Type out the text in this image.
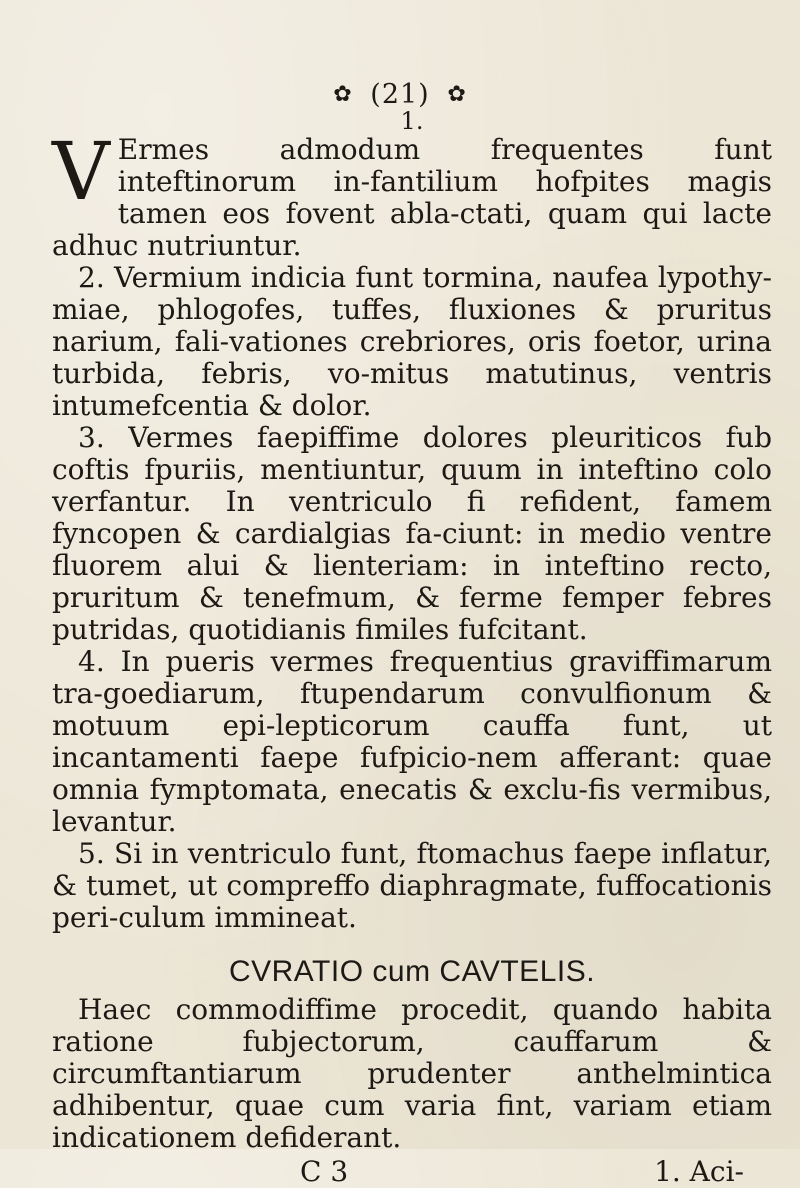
✿ (21) ✿

1.

V Ermes admodum frequentes funt inteftinorum in-fantilium hofpites magis tamen eos fovent abla-ctati, quam qui lacte adhuc nutriuntur.

2. Vermium indicia funt tormina, naufea lypothy-miae, phlogofes, tuffes, fluxiones & pruritus narium, fali-vationes crebriores, oris foetor, urina turbida, febris, vo-mitus matutinus, ventris intumefcentia & dolor.

3. Vermes faepiffime dolores pleuriticos fub coftis fpuriis, mentiuntur, quum in inteftino colo verfantur. In ventriculo fi refident, famem fyncopen & cardialgias fa-ciunt: in medio ventre fluorem alui & lienteriam: in inteftino recto, pruritum & tenefmum, & ferme femper febres putridas, quotidianis fimiles fufcitant.

4. In pueris vermes frequentius graviffimarum tra-goediarum, ftupendarum convulfionum & motuum epi-lepticorum cauffa funt, ut incantamenti faepe fufpicio-nem afferant: quae omnia fymptomata, enecatis & exclu-fis vermibus, levantur.

5. Si in ventriculo funt, ftomachus faepe inflatur, & tumet, ut compreffo diaphragmate, fuffocationis peri-culum immineat.

CVRATIO cum CAVTELIS.

Haec commodiffime procedit, quando habita ratione fubjectorum, cauffarum & circumftantiarum prudenter anthelmintica adhibentur, quae cum varia fint, variam etiam indicationem defiderant.

C 3	1. Aci-
